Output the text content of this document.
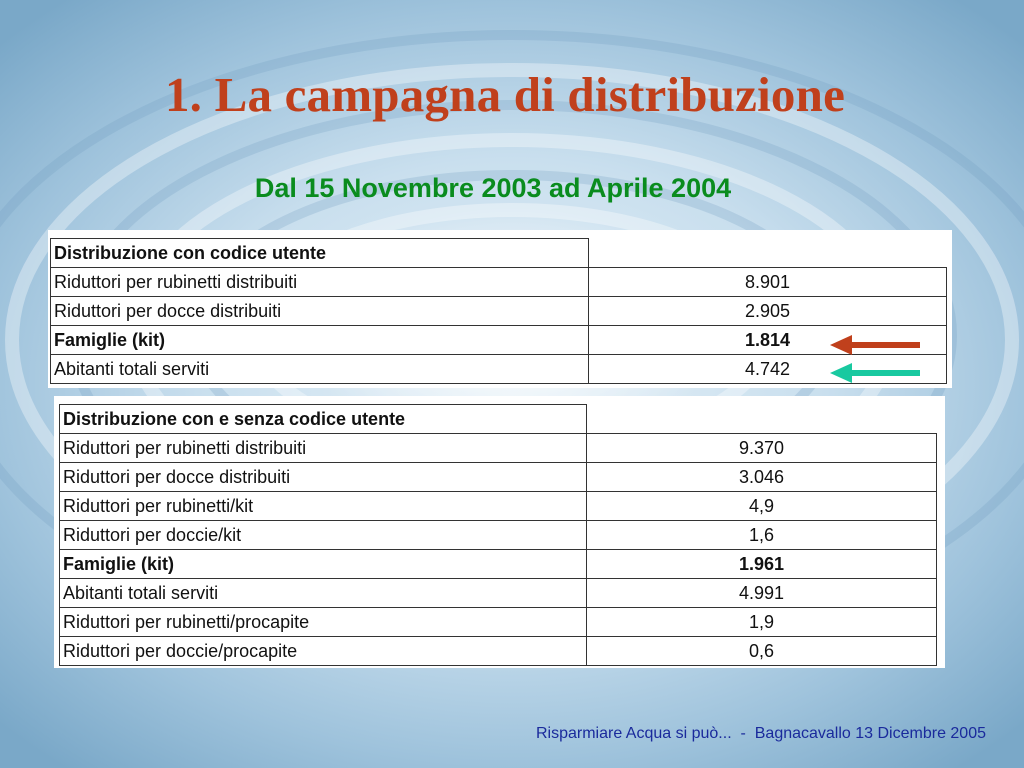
1. La campagna di distribuzione
Dal 15 Novembre 2003 ad Aprile 2004
Distribuzione con codice utente	
Riduttori per rubinetti distribuiti	8.901
Riduttori per docce distribuiti	2.905
Famiglie (kit)	1.814
Abitanti totali serviti	4.742
Distribuzione con e senza codice utente	
Riduttori per rubinetti distribuiti	9.370
Riduttori per docce distribuiti	3.046
Riduttori per rubinetti/kit	4,9
Riduttori per doccie/kit	1,6
Famiglie (kit)	1.961
Abitanti totali serviti	4.991
Riduttori per rubinetti/procapite	1,9
Riduttori per doccie/procapite	0,6
Risparmiare Acqua si può...  -  Bagnacavallo 13 Dicembre 2005
